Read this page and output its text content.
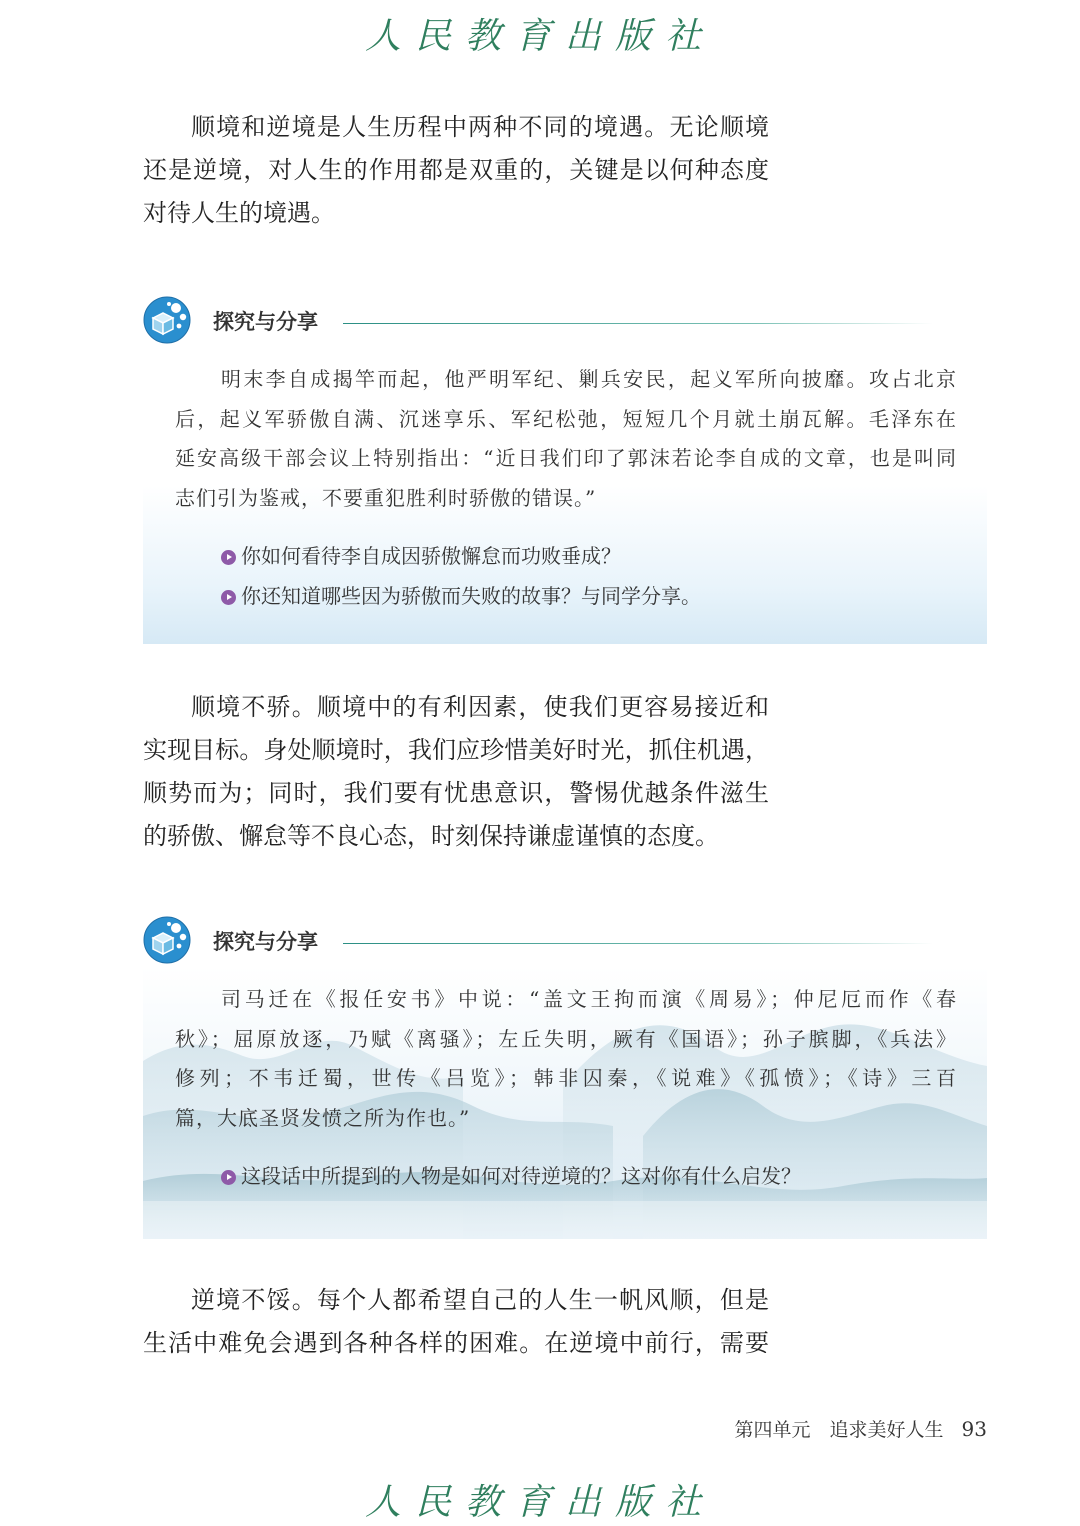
人民教育出版社
顺境和逆境是人生历程中两种不同的境遇。无论顺境
还是逆境，对人生的作用都是双重的，关键是以何种态度
对待人生的境遇。
探究与分享
明末李自成揭竿而起，他严明军纪、剿兵安民，起义军所向披靡。攻占北京
后，起义军骄傲自满、沉迷享乐、军纪松弛，短短几个月就土崩瓦解。毛泽东在
延安高级干部会议上特别指出：“近日我们印了郭沫若论李自成的文章，也是叫同
志们引为鉴戒，不要重犯胜利时骄傲的错误。”
你如何看待李自成因骄傲懈怠而功败垂成？
你还知道哪些因为骄傲而失败的故事？与同学分享。
顺境不骄。顺境中的有利因素，使我们更容易接近和
实现目标。身处顺境时，我们应珍惜美好时光，抓住机遇，
顺势而为；同时，我们要有忧患意识，警惕优越条件滋生
的骄傲、懈怠等不良心态，时刻保持谦虚谨慎的态度。
探究与分享
司马迁在《报任安书》中说：“盖文王拘而演《周易》；仲尼厄而作《春
秋》；屈原放逐，乃赋《离骚》；左丘失明，厥有《国语》；孙子膑脚，《兵法》
修列；不韦迁蜀，世传《吕览》；韩非囚秦，《说难》《孤愤》；《诗》三百
篇，大底圣贤发愤之所为作也。”
这段话中所提到的人物是如何对待逆境的？这对你有什么启发？
逆境不馁。每个人都希望自己的人生一帆风顺，但是
生活中难免会遇到各种各样的困难。在逆境中前行，需要
第四单元　追求美好人生 93
人民教育出版社
